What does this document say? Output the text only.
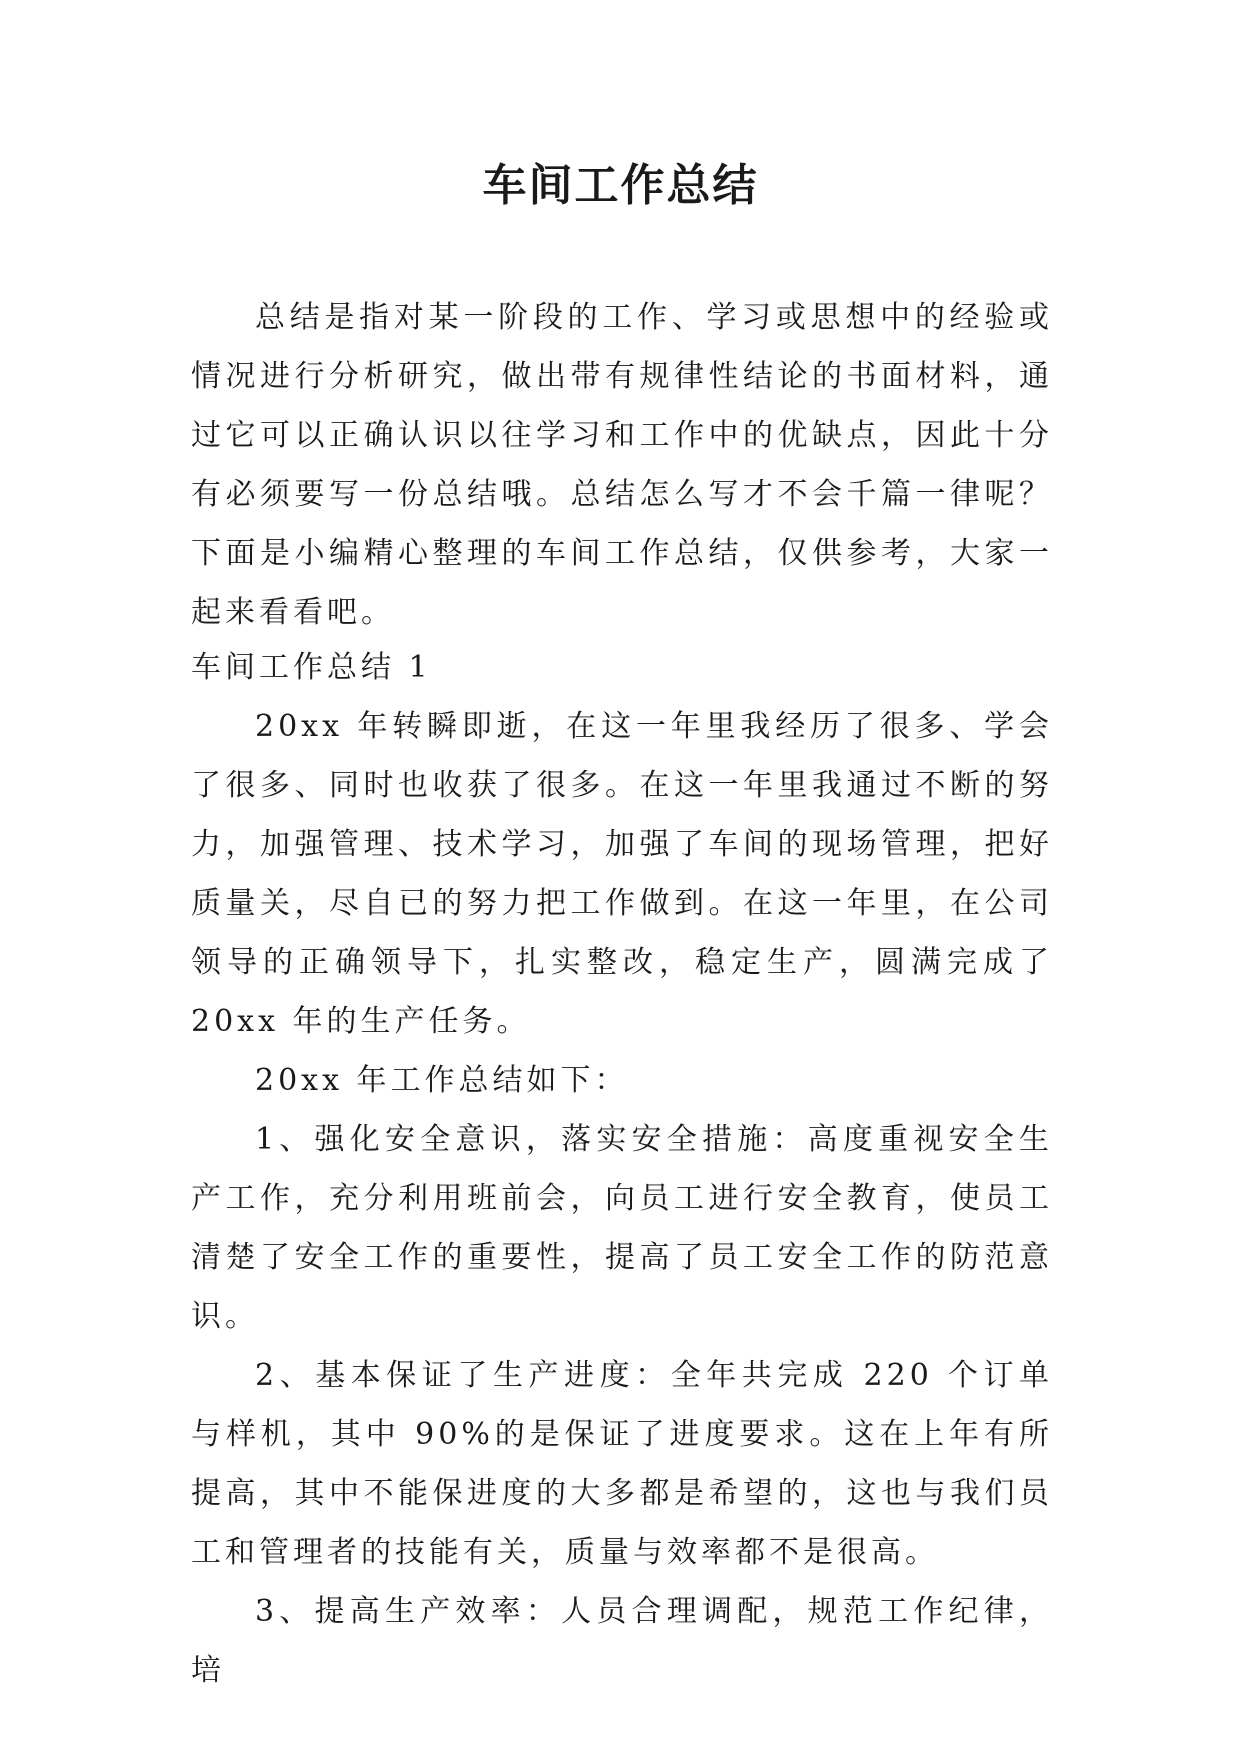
车间工作总结

总结是指对某一阶段的工作、学习或思想中的经验或情况进行分析研究，做出带有规律性结论的书面材料，通过它可以正确认识以往学习和工作中的优缺点，因此十分有必须要写一份总结哦。总结怎么写才不会千篇一律呢？下面是小编精心整理的车间工作总结，仅供参考，大家一起来看看吧。

车间工作总结 1

20xx 年转瞬即逝，在这一年里我经历了很多、学会了很多、同时也收获了很多。在这一年里我通过不断的努力，加强管理、技术学习，加强了车间的现场管理，把好质量关，尽自已的努力把工作做到。在这一年里，在公司领导的正确领导下，扎实整改，稳定生产，圆满完成了 20xx 年的生产任务。

20xx 年工作总结如下：

1、强化安全意识，落实安全措施：高度重视安全生产工作，充分利用班前会，向员工进行安全教育，使员工清楚了安全工作的重要性，提高了员工安全工作的防范意识。

2、基本保证了生产进度：全年共完成 220 个订单与样机，其中 90%的是保证了进度要求。这在上年有所提高，其中不能保进度的大多都是希望的，这也与我们员工和管理者的技能有关，质量与效率都不是很高。

3、提高生产效率：人员合理调配，规范工作纪律，培
